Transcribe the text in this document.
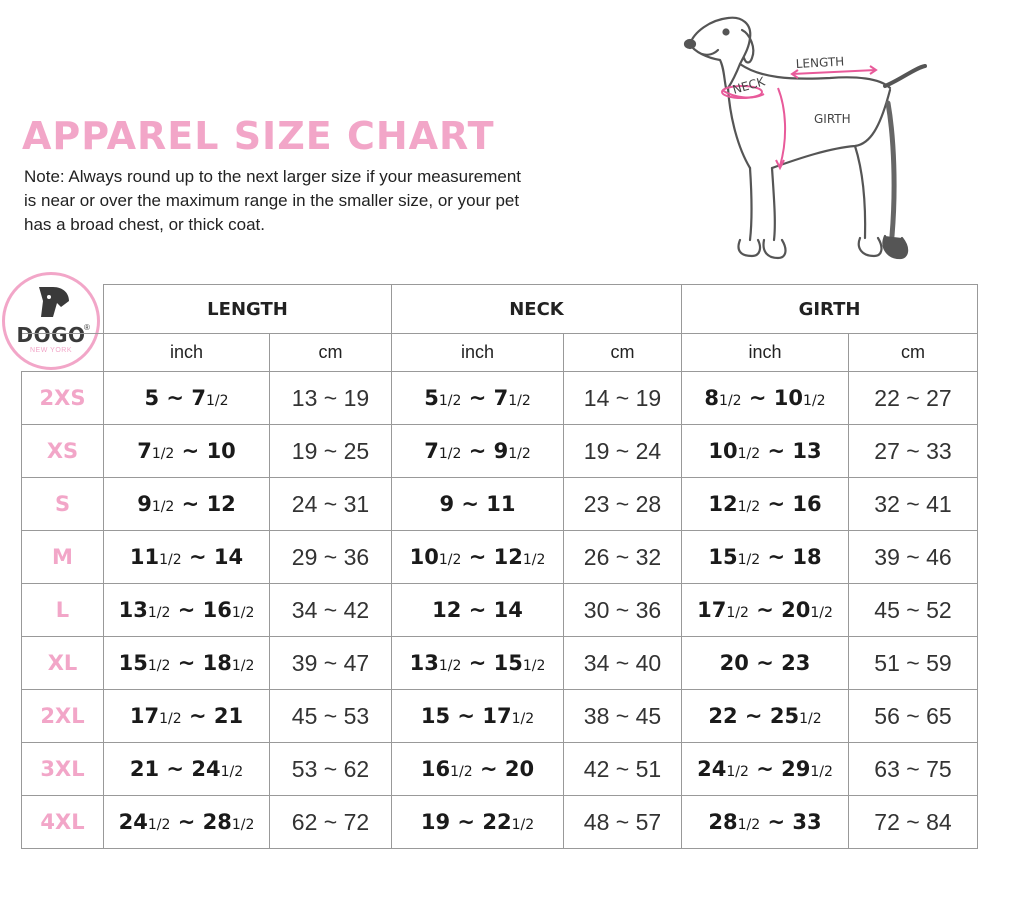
APPAREL SIZE CHART

Note: Always round up to the next larger size if your measurement
is near or over the maximum range in the smaller size, or your pet
has a broad chest, or thick coat.

LENGTH
NECK
GIRTH
DOGO
®
NEW YORK
	LENGTH		NECK		GIRTH	
	inch	cm	inch	cm	inch	cm
2XS	5 ~ 71/2	13 ~ 19	51/2 ~ 71/2	14 ~ 19	81/2 ~ 101/2	22 ~ 27
XS	71/2 ~ 10	19 ~ 25	71/2 ~ 91/2	19 ~ 24	101/2 ~ 13	27 ~ 33
S	91/2 ~ 12	24 ~ 31	9 ~ 11	23 ~ 28	121/2 ~ 16	32 ~ 41
M	111/2 ~ 14	29 ~ 36	101/2 ~ 121/2	26 ~ 32	151/2 ~ 18	39 ~ 46
L	131/2 ~ 161/2	34 ~ 42	12 ~ 14	30 ~ 36	171/2 ~ 201/2	45 ~ 52
XL	151/2 ~ 181/2	39 ~ 47	131/2 ~ 151/2	34 ~ 40	20 ~ 23	51 ~ 59
2XL	171/2 ~ 21	45 ~ 53	15 ~ 171/2	38 ~ 45	22 ~ 251/2	56 ~ 65
3XL	21 ~ 241/2	53 ~ 62	161/2 ~ 20	42 ~ 51	241/2 ~ 291/2	63 ~ 75
4XL	241/2 ~ 281/2	62 ~ 72	19 ~ 221/2	48 ~ 57	281/2 ~ 33	72 ~ 84
